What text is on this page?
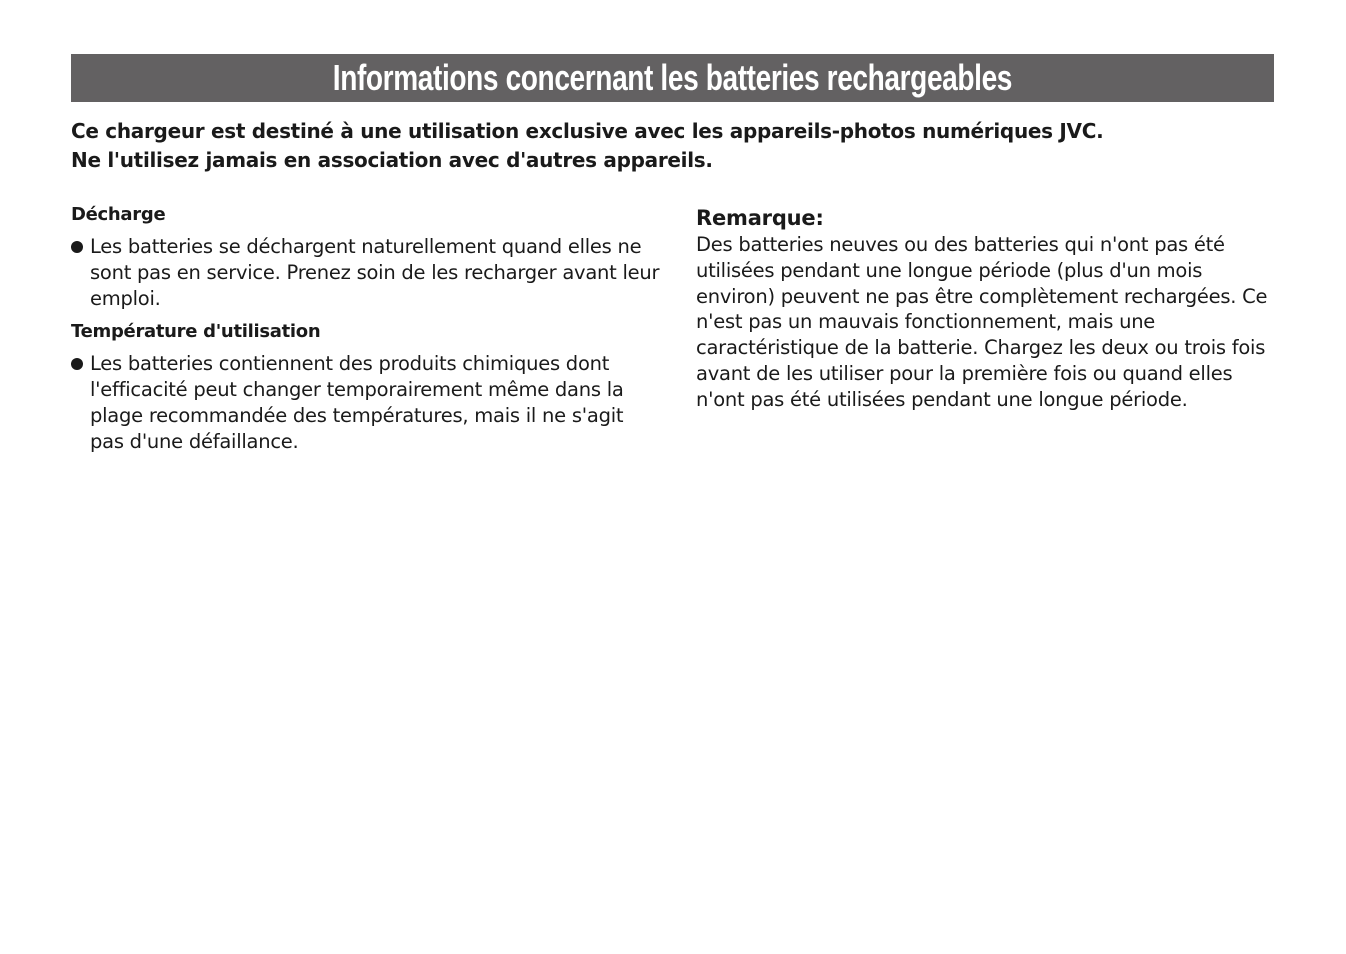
Informations concernant les batteries rechargeables

Ce chargeur est destiné à une utilisation exclusive avec les appareils-photos numériques JVC.

Ne l'utilisez jamais en association avec d'autres appareils.

Décharge
Les batteries se déchargent naturellement quand elles ne sont pas en service. Prenez soin de les recharger avant leur emploi.
Température d'utilisation
Les batteries contiennent des produits chimiques dont l'efficacité peut changer temporairement même dans la plage recommandée des températures, mais il ne s'agit pas d'une défaillance.
Remarque:

Des batteries neuves ou des batteries qui n'ont pas été utilisées pendant une longue période (plus d'un mois environ) peuvent ne pas être complètement rechargées. Ce n'est pas un mauvais fonctionnement, mais une caractéristique de la batterie. Chargez les deux ou trois fois avant de les utiliser pour la première fois ou quand elles n'ont pas été utilisées pendant une longue période.
